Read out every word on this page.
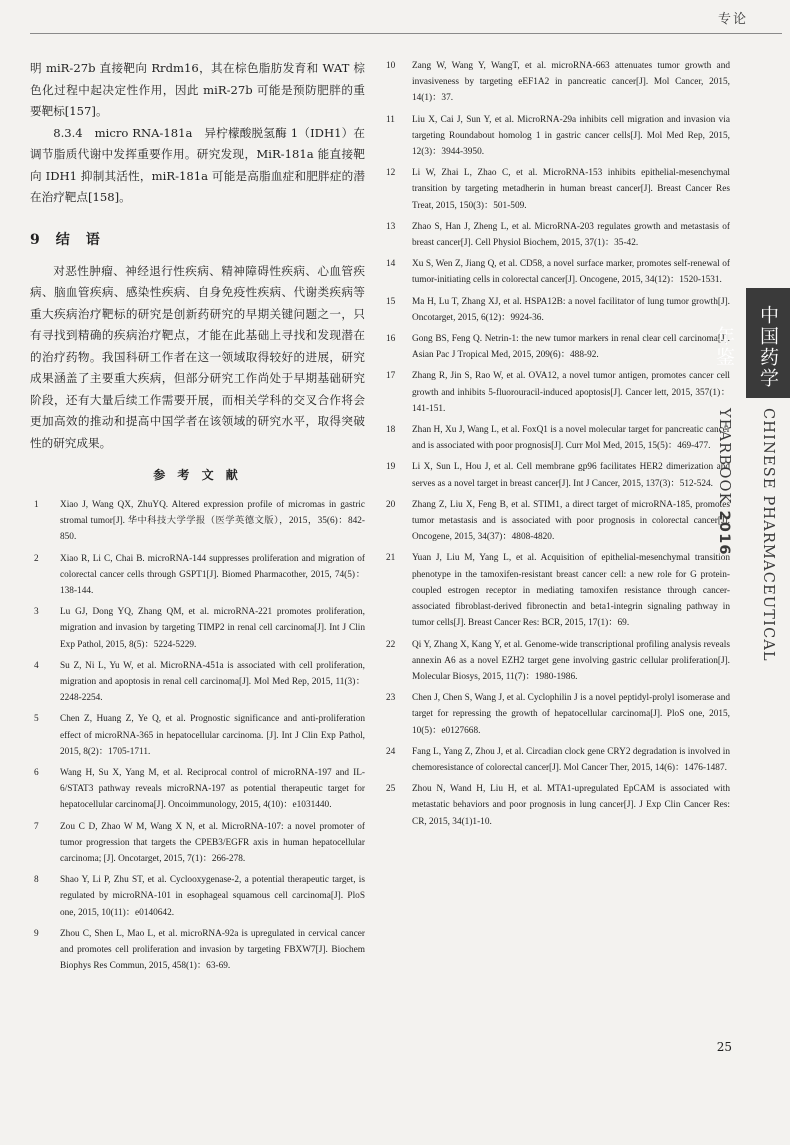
专论

明 miR-27b 直接靶向 Rrdm16，其在棕色脂肪发育和 WAT 棕色化过程中起决定性作用，因此 miR-27b 可能是预防肥胖的重要靶标[157]。

8.3.4　micro RNA-181a　异柠檬酸脱氢酶 1（IDH1）在调节脂质代谢中发挥重要作用。研究发现，MiR-181a 能直接靶向 IDH1 抑制其活性，miR-181a 可能是高脂血症和肥胖症的潜在治疗靶点[158]。

9　结　语

对恶性肿瘤、神经退行性疾病、精神障碍性疾病、心血管疾病、脑血管疾病、感染性疾病、自身免疫性疾病、代谢类疾病等重大疾病治疗靶标的研究是创新药研究的早期关键问题之一，只有寻找到精确的疾病治疗靶点，才能在此基础上寻找和发现潜在的治疗药物。我国科研工作者在这一领域取得较好的进展，研究成果涵盖了主要重大疾病，但部分研究工作尚处于早期基础研究阶段，还有大量后续工作需要开展，而相关学科的交叉合作将会更加高效的推动和提高中国学者在该领域的研究水平，取得突破性的研究成果。

参 考 文 献
1	Xiao J, Wang QX, ZhuYQ. Altered expression profile of micromas in gastric stromal tumor[J]. 华中科技大学学报（医学英德文版），2015，35(6)：842-850.
2	Xiao R, Li C, Chai B. microRNA-144 suppresses proliferation and migration of colorectal cancer cells through GSPT1[J]. Biomed Pharmacother, 2015, 74(5)：138-144.
3	Lu GJ, Dong YQ, Zhang QM, et al. microRNA-221 promotes proliferation, migration and invasion by targeting TIMP2 in renal cell carcinoma[J]. Int J Clin Exp Pathol, 2015, 8(5)：5224-5229.
4	Su Z, Ni L, Yu W, et al. MicroRNA-451a is associated with cell proliferation, migration and apoptosis in renal cell carcinoma[J]. Mol Med Rep, 2015, 11(3)：2248-2254.
5	Chen Z, Huang Z, Ye Q, et al. Prognostic significance and anti-proliferation effect of microRNA-365 in hepatocellular carcinoma. [J]. Int J Clin Exp Pathol, 2015, 8(2)：1705-1711.
6	Wang H, Su X, Yang M, et al. Reciprocal control of microRNA-197 and IL-6/STAT3 pathway reveals microRNA-197 as potential therapeutic target for hepatocellular carcinoma[J]. Oncoimmunology, 2015, 4(10)：e1031440.
7	Zou C D, Zhao W M, Wang X N, et al. MicroRNA-107: a novel promoter of tumor progression that targets the CPEB3/EGFR axis in human hepatocellular carcinoma; [J]. Oncotarget, 2015, 7(1)：266-278.
8	Shao Y, Li P, Zhu ST, et al. Cyclooxygenase-2, a potential therapeutic target, is regulated by microRNA-101 in esophageal squamous cell carcinoma[J]. PloS one, 2015, 10(11)：e0140642.
9	Zhou C, Shen L, Mao L, et al. microRNA-92a is upregulated in cervical cancer and promotes cell proliferation and invasion by targeting FBXW7[J]. Biochem Biophys Res Commun, 2015, 458(1)：63-69.
10	Zang W, Wang Y, WangT, et al. microRNA-663 attenuates tumor growth and invasiveness by targeting eEF1A2 in pancreatic cancer[J]. Mol Cancer, 2015, 14(1)：37.
11	Liu X, Cai J, Sun Y, et al. MicroRNA-29a inhibits cell migration and invasion via targeting Roundabout homolog 1 in gastric cancer cells[J]. Mol Med Rep, 2015, 12(3)：3944-3950.
12	Li W, Zhai L, Zhao C, et al. MicroRNA-153 inhibits epithelial-mesenchymal transition by targeting metadherin in human breast cancer[J]. Breast Cancer Res Treat, 2015, 150(3)：501-509.
13	Zhao S, Han J, Zheng L, et al. MicroRNA-203 regulates growth and metastasis of breast cancer[J]. Cell Physiol Biochem, 2015, 37(1)：35-42.
14	Xu S, Wen Z, Jiang Q, et al. CD58, a novel surface marker, promotes self-renewal of tumor-initiating cells in colorectal cancer[J]. Oncogene, 2015, 34(12)：1520-1531.
15	Ma H, Lu T, Zhang XJ, et al. HSPA12B: a novel facilitator of lung tumor growth[J]. Oncotarget, 2015, 6(12)：9924-36.
16	Gong BS, Feng Q. Netrin-1: the new tumor markers in renal clear cell carcinoma[J]. Asian Pac J Tropical Med, 2015, 209(6)：488-92.
17	Zhang R, Jin S, Rao W, et al. OVA12, a novel tumor antigen, promotes cancer cell growth and inhibits 5-fluorouracil-induced apoptosis[J]. Cancer lett, 2015, 357(1)：141-151.
18	Zhan H, Xu J, Wang L, et al. FoxQ1 is a novel molecular target for pancreatic cancer and is associated with poor prognosis[J]. Curr Mol Med, 2015, 15(5)：469-477.
19	Li X, Sun L, Hou J, et al. Cell membrane gp96 facilitates HER2 dimerization and serves as a novel target in breast cancer[J]. Int J Cancer, 2015, 137(3)：512-524.
20	Zhang Z, Liu X, Feng B, et al. STIM1, a direct target of microRNA-185, promotes tumor metastasis and is associated with poor prognosis in colorectal cancer[J]. Oncogene, 2015, 34(37)：4808-4820.
21	Yuan J, Liu M, Yang L, et al. Acquisition of epithelial-mesenchymal transition phenotype in the tamoxifen-resistant breast cancer cell: a new role for G protein-coupled estrogen receptor in mediating tamoxifen resistance through cancer-associated fibroblast-derived fibronectin and beta1-integrin signaling pathway in tumor cells[J]. Breast Cancer Res: BCR, 2015, 17(1)：69.
22	Qi Y, Zhang X, Kang Y, et al. Genome-wide transcriptional profiling analysis reveals annexin A6 as a novel EZH2 target gene involving gastric cellular proliferation[J]. Molecular Biosys, 2015, 11(7)：1980-1986.
23	Chen J, Chen S, Wang J, et al. Cyclophilin J is a novel peptidyl-prolyl isomerase and target for repressing the growth of hepatocellular carcinoma[J]. PloS one, 2015, 10(5)：e0127668.
24	Fang L, Yang Z, Zhou J, et al. Circadian clock gene CRY2 degradation is involved in chemoresistance of colorectal cancer[J]. Mol Cancer Ther, 2015, 14(6)：1476-1487.
25	Zhou N, Wand H, Liu H, et al. MTA1-upregulated EpCAM is associated with metastatic behaviors and poor prognosis in lung cancer[J]. J Exp Clin Cancer Res: CR, 2015, 34(1)1-10.
中国药学年鉴
CHINESE PHARMACEUTICAL YEARBOOK 2016
25
